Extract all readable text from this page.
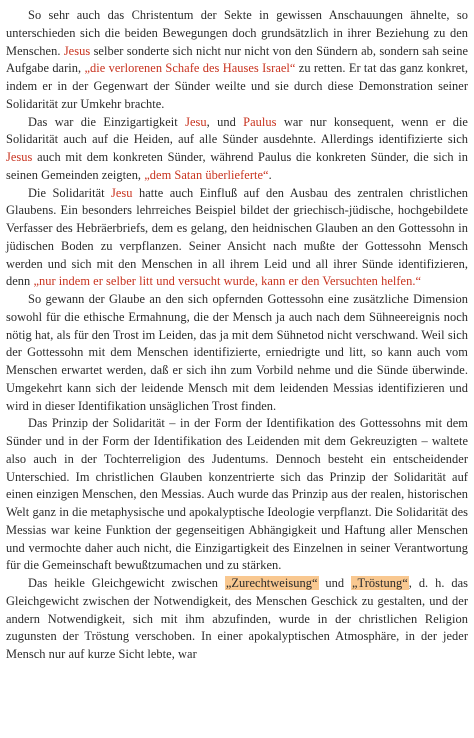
So sehr auch das Christentum der Sekte in gewissen Anschauungen ähnelte, so unterschieden sich die beiden Bewegungen doch grundsätzlich in ihrer Beziehung zu den Menschen. Jesus selber sonderte sich nicht nur nicht von den Sündern ab, sondern sah seine Aufgabe darin, „die verlorenen Schafe des Hauses Israel“ zu retten. Er tat das ganz konkret, indem er in der Gegenwart der Sünder weilte und sie durch diese Demonstration seiner Solidarität zur Umkehr brachte.

Das war die Einzigartigkeit Jesu, und Paulus war nur konsequent, wenn er die Solidarität auch auf die Heiden, auf alle Sünder ausdehnte. Allerdings identifizierte sich Jesus auch mit dem konkreten Sünder, während Paulus die konkreten Sünder, die sich in seinen Gemeinden zeigten, „dem Satan überlieferte“.

Die Solidarität Jesu hatte auch Einfluß auf den Ausbau des zentralen christlichen Glaubens. Ein besonders lehrreiches Beispiel bildet der griechisch-jüdische, hochgebildete Verfasser des Hebräerbriefs, dem es gelang, den heidnischen Glauben an den Gottessohn in jüdischen Boden zu verpflanzen. Seiner Ansicht nach mußte der Gottessohn Mensch werden und sich mit den Menschen in all ihrem Leid und all ihrer Sünde identifizieren, denn „nur indem er selber litt und versucht wurde, kann er den Versuchten helfen.“

So gewann der Glaube an den sich opfernden Gottessohn eine zusätzliche Dimension sowohl für die ethische Ermahnung, die der Mensch ja auch nach dem Sühneereignis noch nötig hat, als für den Trost im Leiden, das ja mit dem Sühnetod nicht verschwand. Weil sich der Gottessohn mit dem Menschen identifizierte, erniedrigte und litt, so kann auch vom Menschen erwartet werden, daß er sich ihn zum Vorbild nehme und die Sünde überwinde. Umgekehrt kann sich der leidende Mensch mit dem leidenden Messias identifizieren und wird in dieser Identifikation unsäglichen Trost finden.

Das Prinzip der Solidarität – in der Form der Identifikation des Gottessohns mit dem Sünder und in der Form der Identifikation des Leidenden mit dem Gekreuzigten – waltete also auch in der Tochterreligion des Judentums. Dennoch besteht ein entscheidender Unterschied. Im christlichen Glauben konzentrierte sich das Prinzip der Solidarität auf einen einzigen Menschen, den Messias. Auch wurde das Prinzip aus der realen, historischen Welt ganz in die metaphysische und apokalyptische Ideologie verpflanzt. Die Solidarität des Messias war keine Funktion der gegenseitigen Abhängigkeit und Haftung aller Menschen und vermochte daher auch nicht, die Einzigartigkeit des Einzelnen in seiner Verantwortung für die Gemeinschaft bewußtzumachen und zu stärken.

Das heikle Gleichgewicht zwischen „Zurechtweisung“ und „Tröstung“, d. h. das Gleichgewicht zwischen der Notwendigkeit, des Menschen Geschick zu gestalten, und der andern Notwendigkeit, sich mit ihm abzufinden, wurde in der christlichen Religion zugunsten der Tröstung verschoben. In einer apokalyptischen Atmosphäre, in der jeder Mensch nur auf kurze Sicht lebte, war
